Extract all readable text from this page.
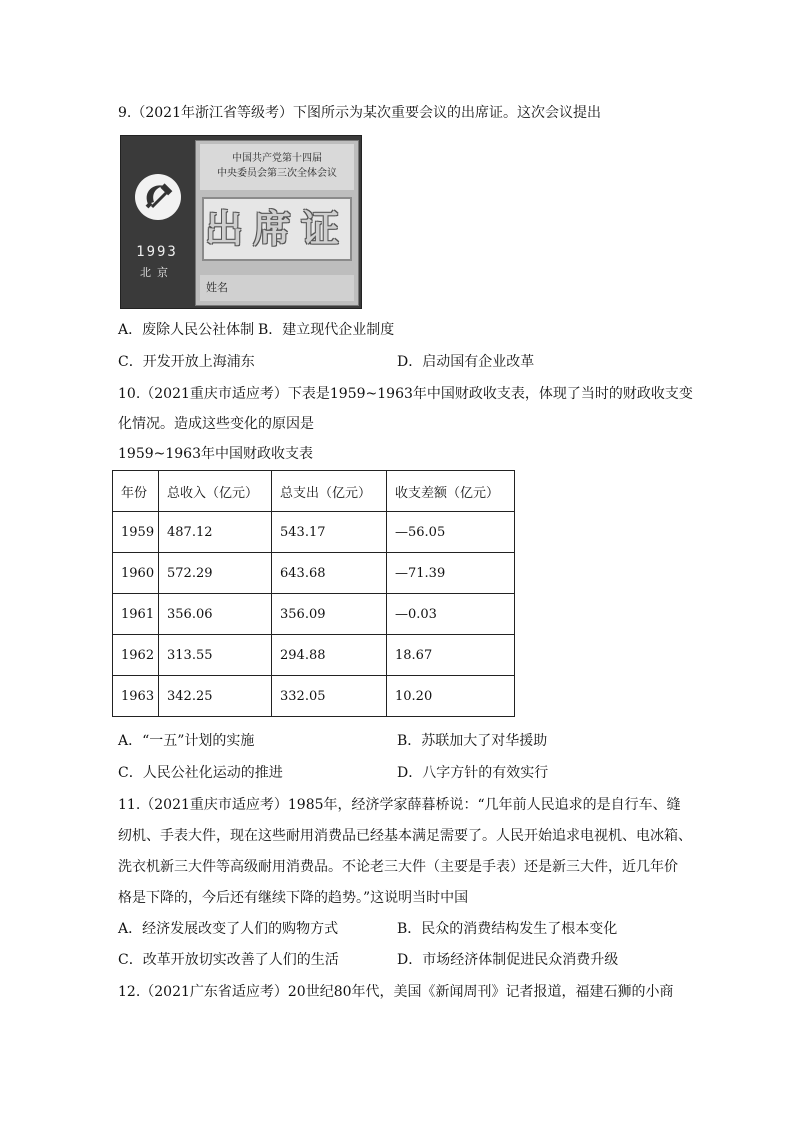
9.（2021年浙江省等级考）下图所示为某次重要会议的出席证。这次会议提出
1993
北京
中国共产党第十四届
中央委员会第三次全体会议
出席证
姓名
A．废除人民公社体制 B．建立现代企业制度
C．开发开放上海浦东	D．启动国有企业改革
10.（2021重庆市适应考）下表是1959~1963年中国财政收支表，体现了当时的财政收支变
化情况。造成这些变化的原因是
1959~1963年中国财政收支表
年份	总收入（亿元）	总支出（亿元）	收支差额（亿元）
1959	487.12	543.17	—56.05
1960	572.29	643.68	—71.39
1961	356.06	356.09	—0.03
1962	313.55	294.88	18.67
1963	342.25	332.05	10.20
A．“一五”计划的实施	B．苏联加大了对华援助
C．人民公社化运动的推进	D．八字方针的有效实行
11.（2021重庆市适应考）1985年，经济学家薛暮桥说：“几年前人民追求的是自行车、缝
纫机、手表大件，现在这些耐用消费品已经基本满足需要了。人民开始追求电视机、电冰箱、
洗衣机新三大件等高级耐用消费品。不论老三大件（主要是手表）还是新三大件，近几年价
格是下降的，今后还有继续下降的趋势。”这说明当时中国
A．经济发展改变了人们的购物方式	B．民众的消费结构发生了根本变化
C．改革开放切实改善了人们的生活	D．市场经济体制促进民众消费升级
12.（2021广东省适应考）20世纪80年代，美国《新闻周刊》记者报道，福建石狮的小商
